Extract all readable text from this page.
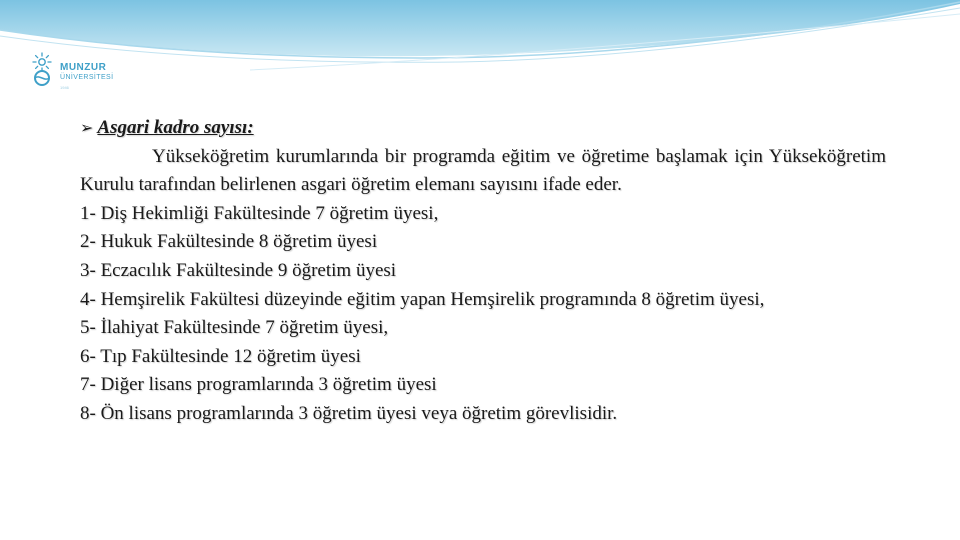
MUNZUR
ÜNİVERSİTESİ
1946
➢ Asgari kadro sayısı:

Yükseköğretim kurumlarında bir programda eğitim ve öğretime başlamak için Yükseköğretim Kurulu tarafından belirlenen asgari öğretim elemanı sayısını ifade eder.

1- Diş Hekimliği Fakültesinde 7 öğretim üyesi,
2- Hukuk Fakültesinde 8 öğretim üyesi
3- Eczacılık Fakültesinde 9 öğretim üyesi
4- Hemşirelik Fakültesi düzeyinde eğitim yapan Hemşirelik programında 8 öğretim üyesi,
5- İlahiyat Fakültesinde 7 öğretim üyesi,
6- Tıp Fakültesinde 12 öğretim üyesi
7- Diğer lisans programlarında 3 öğretim üyesi
8- Ön lisans programlarında 3 öğretim üyesi veya öğretim görevlisidir.
